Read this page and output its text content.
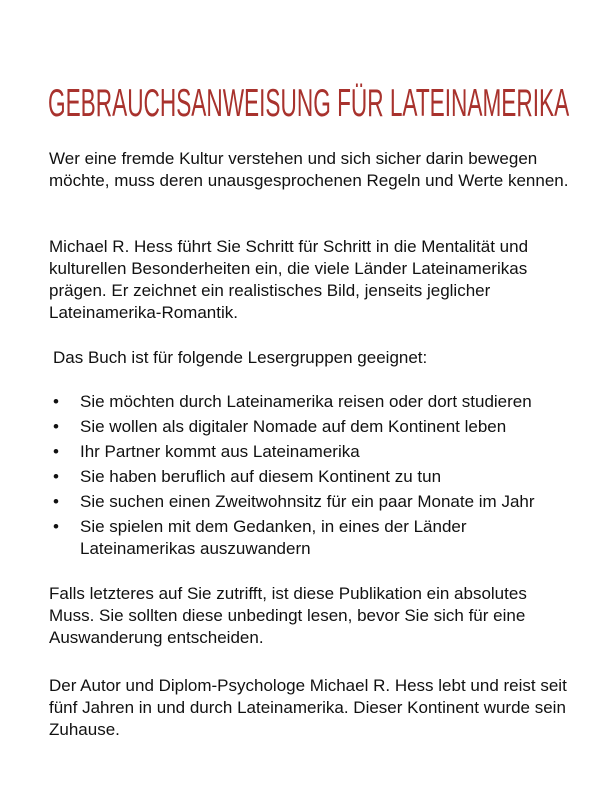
GEBRAUCHSANWEISUNG FÜR LATEINAMERIKA

Wer eine fremde Kultur verstehen und sich sicher darin bewegen möchte, muss deren unausgesprochenen Regeln und Werte kennen.

Michael R. Hess führt Sie Schritt für Schritt in die Mentalität und kulturellen Besonderheiten ein, die viele Länder Lateinamerikas prägen. Er zeichnet ein realistisches Bild, jenseits jeglicher Lateinamerika-Romantik.

Das Buch ist für folgende Lesergruppen geeignet:

• Sie möchten durch Lateinamerika reisen oder dort studieren
• Sie wollen als digitaler Nomade auf dem Kontinent leben
• Ihr Partner kommt aus Lateinamerika
• Sie haben beruflich auf diesem Kontinent zu tun
• Sie suchen einen Zweitwohnsitz für ein paar Monate im Jahr
• Sie spielen mit dem Gedanken, in eines der Länder Lateinamerikas auszuwandern

Falls letzteres auf Sie zutrifft, ist diese Publikation ein absolutes Muss. Sie sollten diese unbedingt lesen, bevor Sie sich für eine Auswanderung entscheiden.

Der Autor und Diplom-Psychologe Michael R. Hess lebt und reist seit fünf Jahren in und durch Lateinamerika. Dieser Kontinent wurde sein Zuhause.
